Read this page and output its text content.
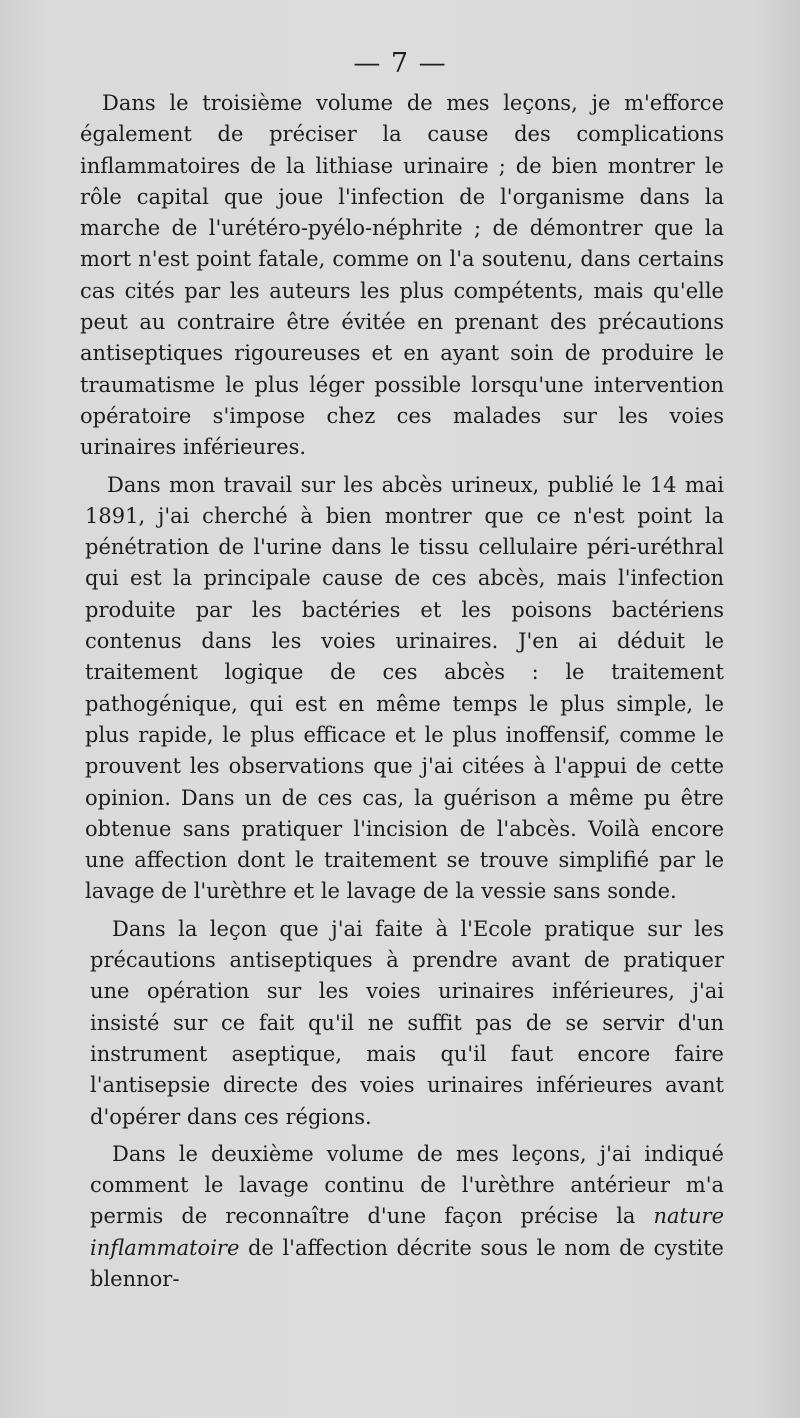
— 7 —

Dans le troisième volume de mes leçons, je m'efforce également de préciser la cause des complications inflammatoires de la lithiase urinaire ; de bien montrer le rôle capital que joue l'infection de l'organisme dans la marche de l'urétéro-pyélo-néphrite ; de démontrer que la mort n'est point fatale, comme on l'a soutenu, dans certains cas cités par les auteurs les plus compétents, mais qu'elle peut au contraire être évitée en prenant des précautions antiseptiques rigoureuses et en ayant soin de produire le traumatisme le plus léger possible lorsqu'une intervention opératoire s'impose chez ces malades sur les voies urinaires inférieures.

Dans mon travail sur les abcès urineux, publié le 14 mai 1891, j'ai cherché à bien montrer que ce n'est point la pénétration de l'urine dans le tissu cellulaire péri-uréthral qui est la principale cause de ces abcès, mais l'infection produite par les bactéries et les poisons bactériens contenus dans les voies urinaires. J'en ai déduit le traitement logique de ces abcès : le traitement pathogénique, qui est en même temps le plus simple, le plus rapide, le plus efficace et le plus inoffensif, comme le prouvent les observations que j'ai citées à l'appui de cette opinion. Dans un de ces cas, la guérison a même pu être obtenue sans pratiquer l'incision de l'abcès. Voilà encore une affection dont le traitement se trouve simplifié par le lavage de l'urèthre et le lavage de la vessie sans sonde.

Dans la leçon que j'ai faite à l'Ecole pratique sur les précautions antiseptiques à prendre avant de pratiquer une opération sur les voies urinaires inférieures, j'ai insisté sur ce fait qu'il ne suffit pas de se servir d'un instrument aseptique, mais qu'il faut encore faire l'antisepsie directe des voies urinaires inférieures avant d'opérer dans ces régions.

Dans le deuxième volume de mes leçons, j'ai indiqué comment le lavage continu de l'urèthre antérieur m'a permis de reconnaître d'une façon précise la nature inflammatoire de l'affection décrite sous le nom de cystite blennor-
